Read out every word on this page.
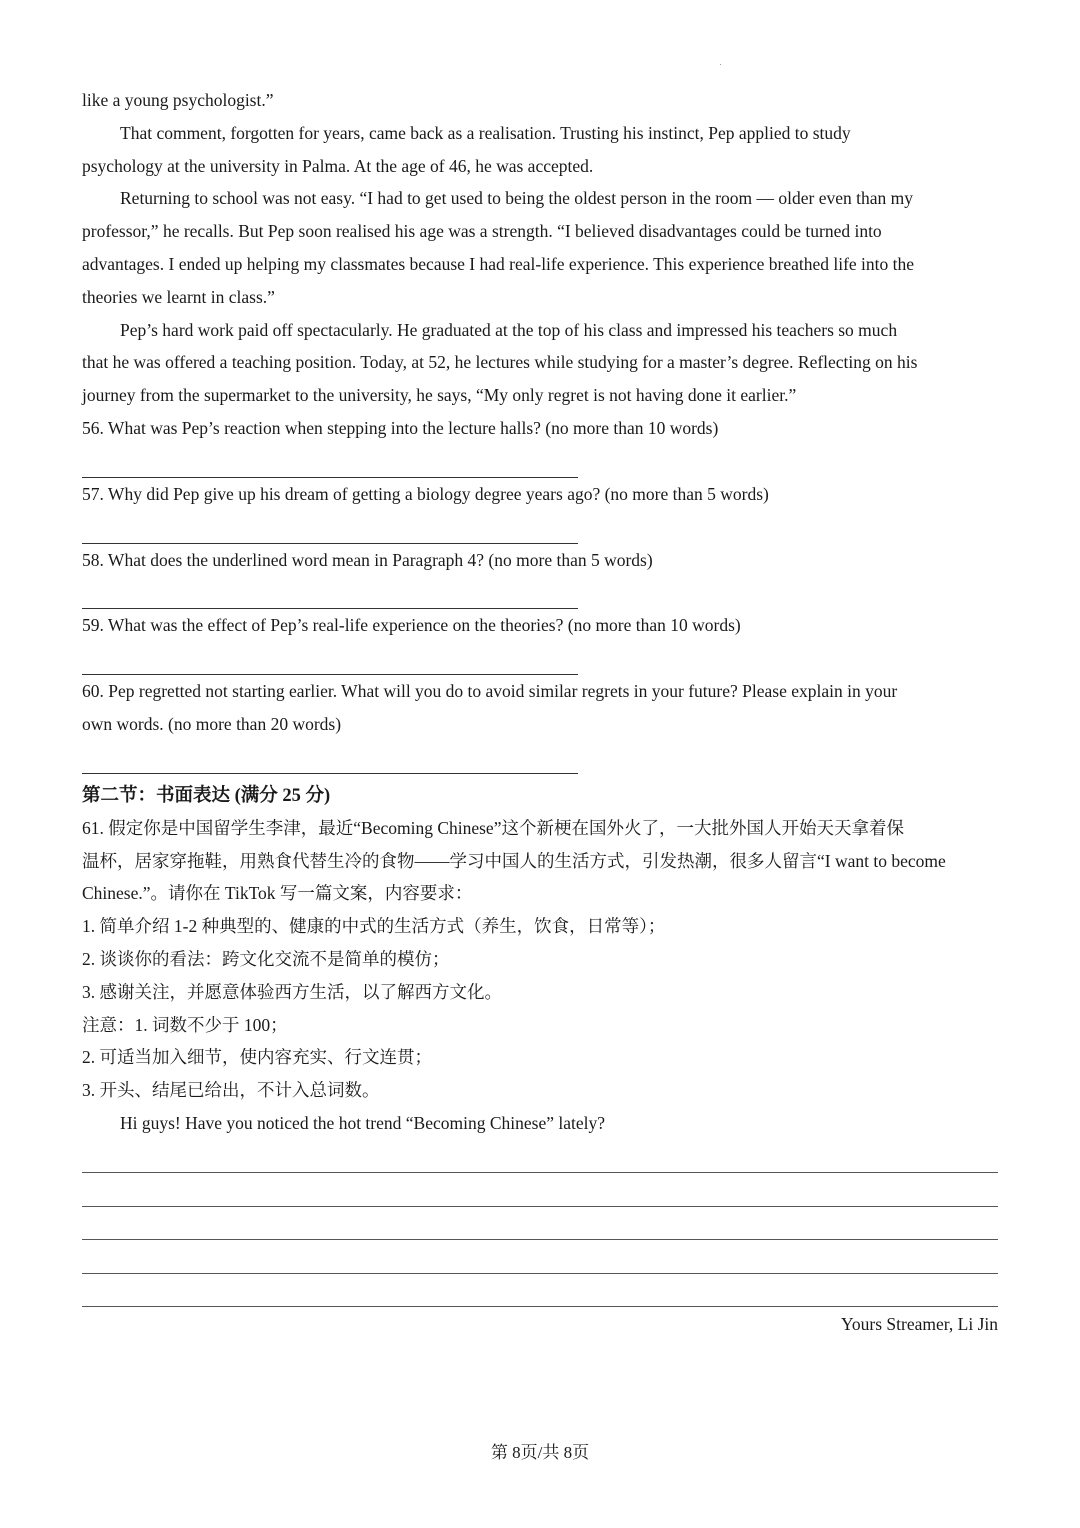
like a young psychologist.”
That comment, forgotten for years, came back as a realisation. Trusting his instinct, Pep applied to study
psychology at the university in Palma. At the age of 46, he was accepted.
Returning to school was not easy. “I had to get used to being the oldest person in the room — older even than my
professor,” he recalls. But Pep soon realised his age was a strength. “I believed disadvantages could be turned into
advantages. I ended up helping my classmates because I had real-life experience. This experience breathed life into the
theories we learnt in class.”
Pep’s hard work paid off spectacularly. He graduated at the top of his class and impressed his teachers so much
that he was offered a teaching position. Today, at 52, he lectures while studying for a master’s degree. Reflecting on his
journey from the supermarket to the university, he says, “My only regret is not having done it earlier.”
56. What was Pep’s reaction when stepping into the lecture halls? (no more than 10 words)
57. Why did Pep give up his dream of getting a biology degree years ago? (no more than 5 words)
58. What does the underlined word mean in Paragraph 4? (no more than 5 words)
59. What was the effect of Pep’s real-life experience on the theories? (no more than 10 words)
60. Pep regretted not starting earlier. What will you do to avoid similar regrets in your future? Please explain in your
own words. (no more than 20 words)
第二节：书面表达 (满分 25 分)
61. 假定你是中国留学生李津，最近“Becoming Chinese”这个新梗在国外火了，一大批外国人开始天天拿着保
温杯，居家穿拖鞋，用熟食代替生冷的食物——学习中国人的生活方式，引发热潮，很多人留言“I want to become
Chinese.”。请你在 TikTok 写一篇文案，内容要求：
1. 简单介绍 1-2 种典型的、健康的中式的生活方式（养生，饮食，日常等）；
2. 谈谈你的看法：跨文化交流不是简单的模仿；
3. 感谢关注，并愿意体验西方生活，以了解西方文化。
注意：1. 词数不少于 100；
2. 可适当加入细节，使内容充实、行文连贯；
3. 开头、结尾已给出，不计入总词数。
Hi guys! Have you noticed the hot trend “Becoming Chinese” lately?
Yours Streamer, Li Jin
第 8页/共 8页
